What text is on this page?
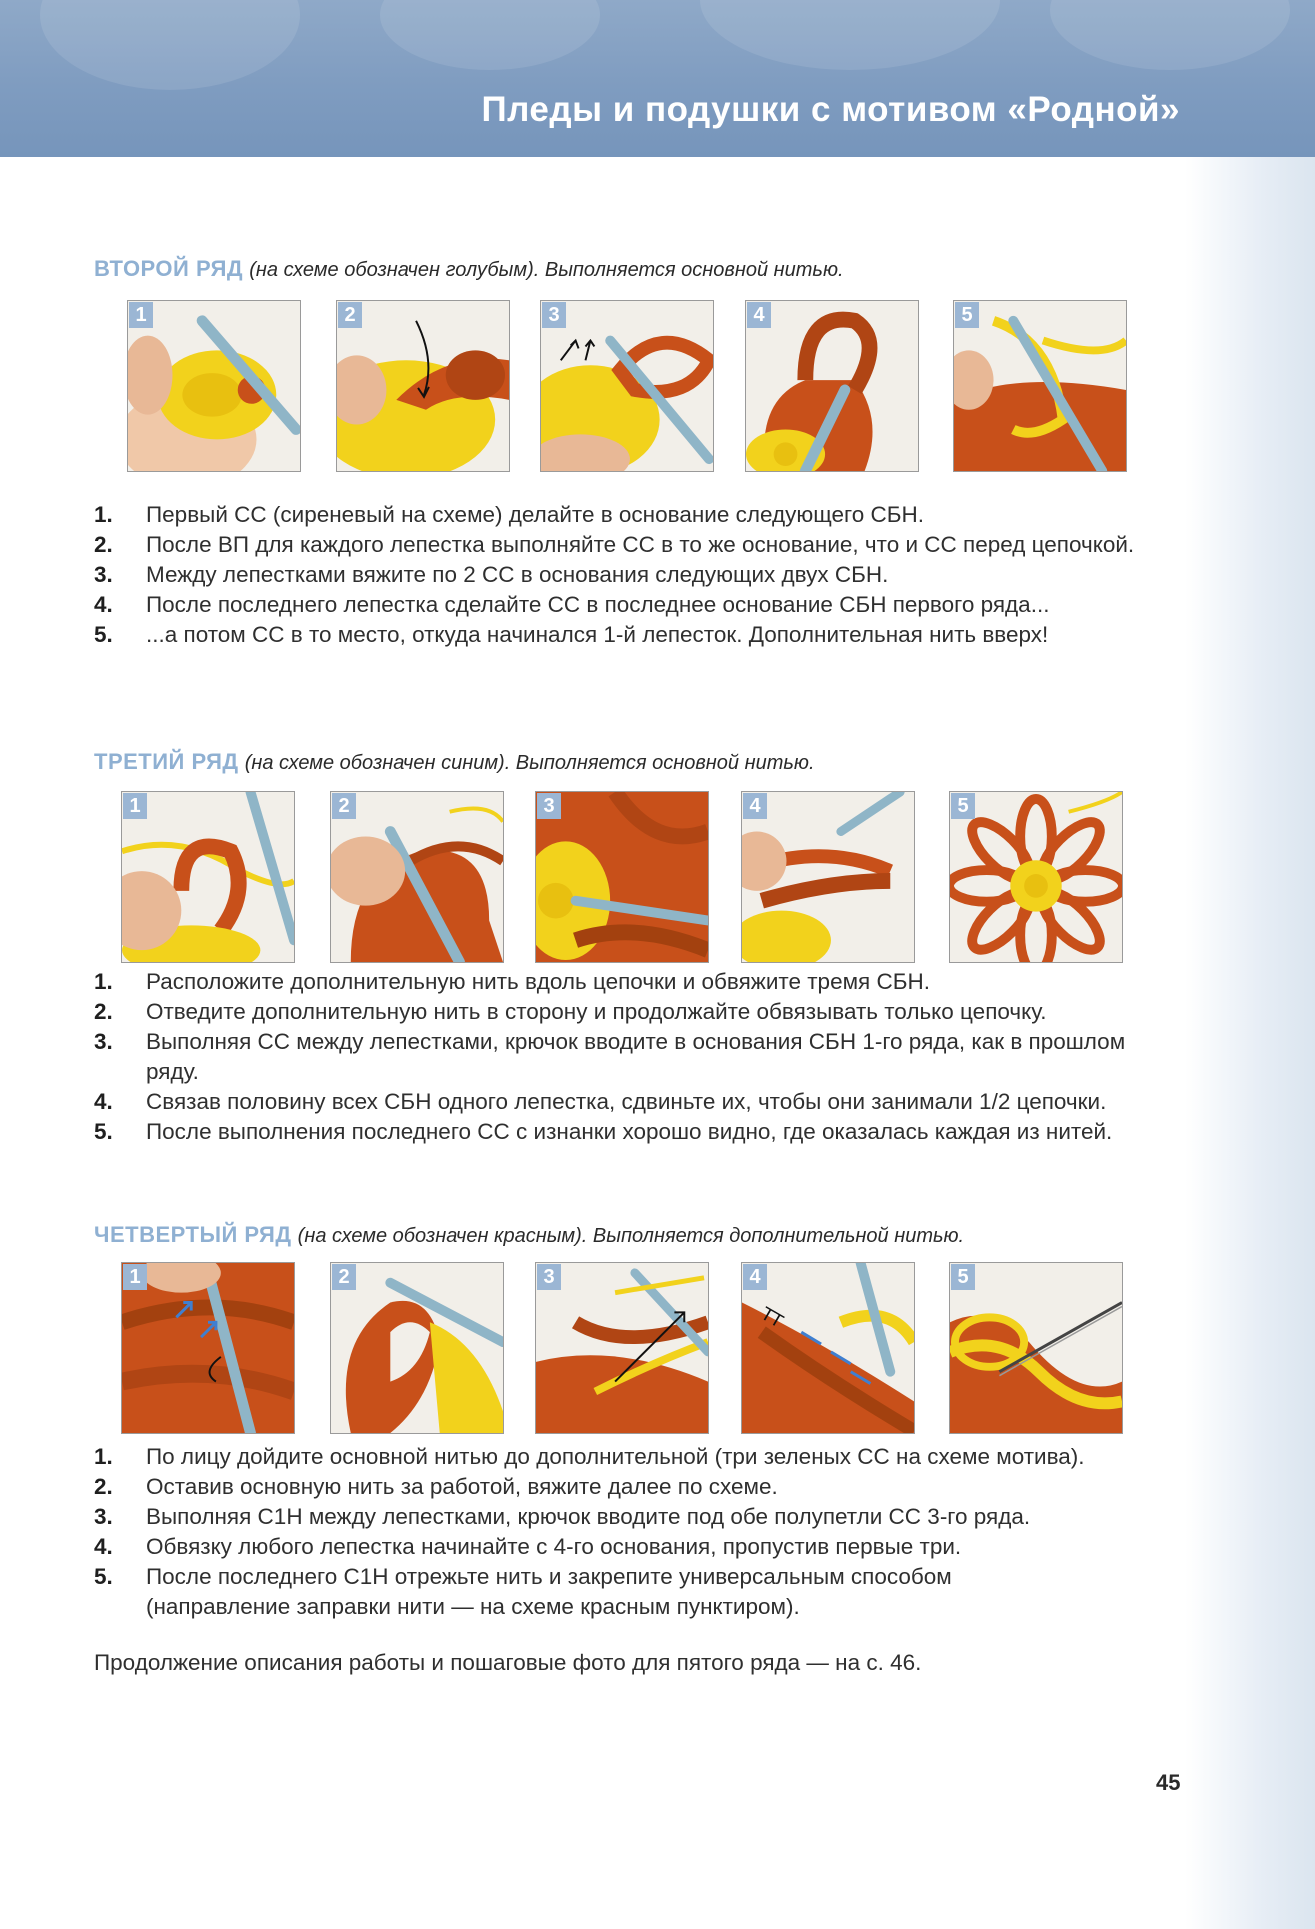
Пледы и подушки с мотивом «Родной»
ВТОРОЙ РЯД (на схеме обозначен голубым). Выполняется основной нитью.
1	2	3	4	5
1. Первый СС (сиреневый на схеме) делайте в основание следующего СБН.
2. После ВП для каждого лепестка выполняйте СС в то же основание, что и СС перед цепочкой.
3. Между лепестками вяжите по 2 СС в основания следующих двух СБН.
4. После последнего лепестка сделайте СС в последнее основание СБН первого ряда...
5. ...а потом СС в то место, откуда начинался 1-й лепесток. Дополнительная нить вверх!
ТРЕТИЙ РЯД (на схеме обозначен синим). Выполняется основной нитью.
1	2	3	4	5
1. Расположите дополнительную нить вдоль цепочки и обвяжите тремя СБН.
2. Отведите дополнительную нить в сторону и продолжайте обвязывать только цепочку.
3. Выполняя СС между лепестками, крючок вводите в основания СБН 1-го ряда, как в прошлом ряду.
4. Связав половину всех СБН одного лепестка, сдвиньте их, чтобы они занимали 1/2 цепочки.
5. После выполнения последнего СС с изнанки хорошо видно, где оказалась каждая из нитей.
ЧЕТВЕРТЫЙ РЯД (на схеме обозначен красным). Выполняется дополнительной нитью.
1	2	3
TT
4	5
1. По лицу дойдите основной нитью до дополнительной (три зеленых СС на схеме мотива).
2. Оставив основную нить за работой, вяжите далее по схеме.
3. Выполняя С1Н между лепестками, крючок вводите под обе полупетли СС 3-го ряда.
4. Обвязку любого лепестка начинайте с 4-го основания, пропустив первые три.
5. После последнего С1Н отрежьте нить и закрепите универсальным способом (направление заправки нити — на схеме красным пунктиром).
Продолжение описания работы и пошаговые фото для пятого ряда — на с. 46.
45
